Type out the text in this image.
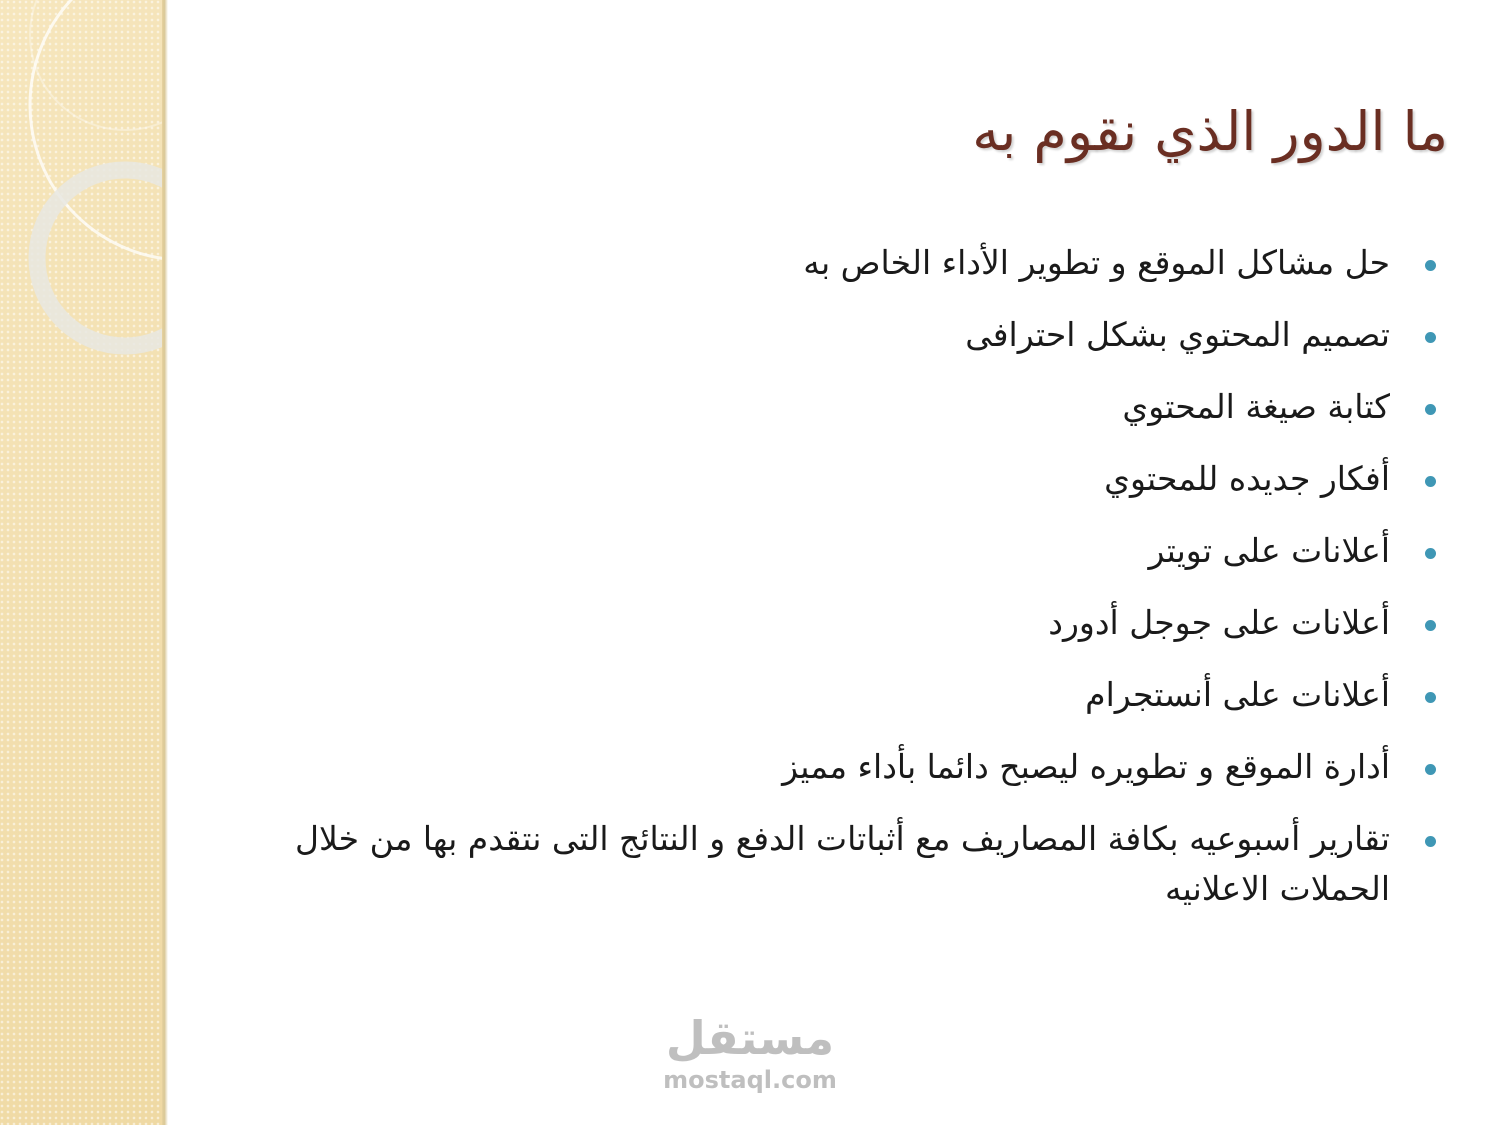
ما الدور الذي نقوم به
حل مشاكل الموقع و تطوير الأداء الخاص به
تصميم المحتوي بشكل احترافى
كتابة صيغة المحتوي
أفكار جديده للمحتوي
أعلانات على تويتر
أعلانات على جوجل أدورد
أعلانات على أنستجرام
أدارة الموقع و تطويره ليصبح دائما بأداء مميز
تقارير أسبوعيه بكافة المصاريف مع أثباتات الدفع و النتائج التى نتقدم بها من خلال الحملات الاعلانيه
مستقل
mostaql.com
